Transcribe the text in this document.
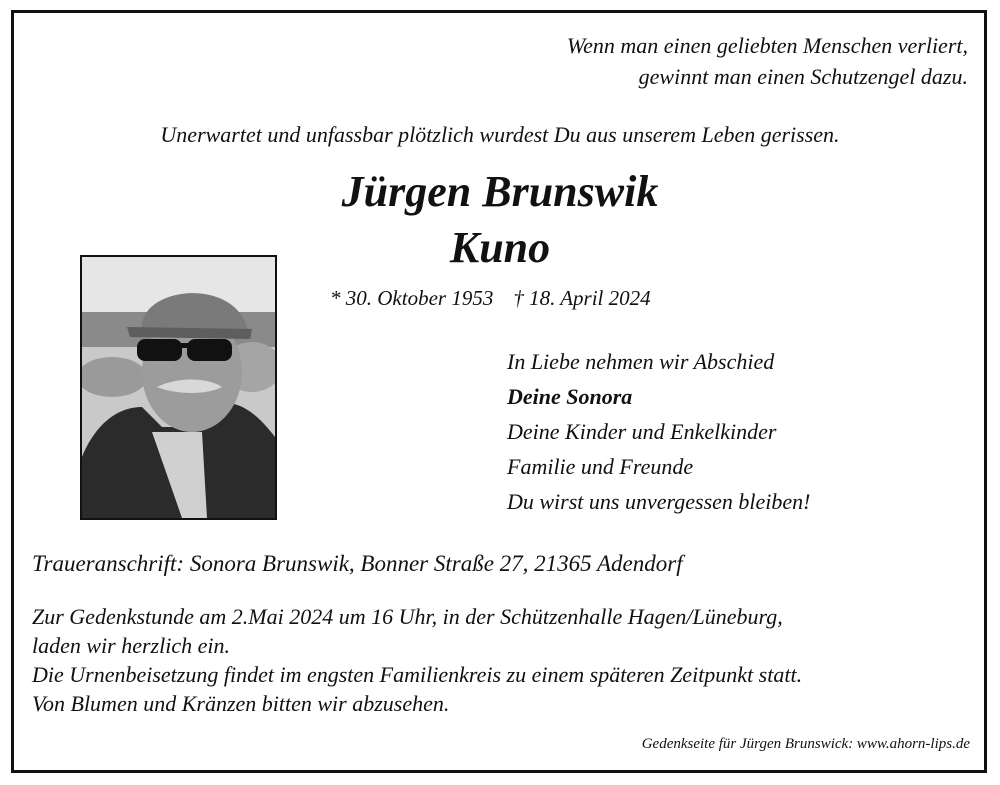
Wenn man einen geliebten Menschen verliert,
gewinnt man einen Schutzengel dazu.
Unerwartet und unfassbar plötzlich wurdest Du aus unserem Leben gerissen.
Jürgen Brunswik
Kuno
* 30. Oktober 1953 † 18. April 2024
In Liebe nehmen wir Abschied
Deine Sonora
Deine Kinder und Enkelkinder
Familie und Freunde
Du wirst uns unvergessen bleiben!
Traueranschrift: Sonora Brunswik, Bonner Straße 27, 21365 Adendorf
Zur Gedenkstunde am 2.Mai 2024 um 16 Uhr, in der Schützenhalle Hagen/Lüneburg,
laden wir herzlich ein.
Die Urnenbeisetzung findet im engsten Familienkreis zu einem späteren Zeitpunkt statt.
Von Blumen und Kränzen bitten wir abzusehen.
Gedenkseite für Jürgen Brunswick: www.ahorn-lips.de
